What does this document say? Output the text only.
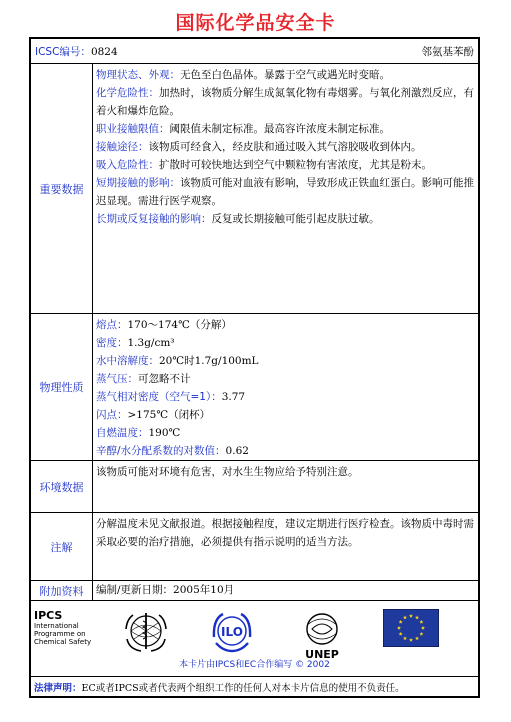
国际化学品安全卡
ICSC编号：0824	邻氨基苯酚
重要数据
物理状态、外观：无色至白色晶体。暴露于空气或遇光时变暗。
化学危险性：加热时，该物质分解生成氮氧化物有毒烟雾。与氧化剂激烈反应，有着火和爆炸危险。
职业接触限值：阈限值未制定标准。最高容许浓度未制定标准。
接触途径：该物质可经食入，经皮肤和通过吸入其气溶胶吸收到体内。
吸入危险性：扩散时可较快地达到空气中颗粒物有害浓度，尤其是粉末。
短期接触的影响：该物质可能对血液有影响，导致形成正铁血红蛋白。影响可能推迟显现。需进行医学观察。
长期或反复接触的影响：反复或长期接触可能引起皮肤过敏。
物理性质
熔点：170～174℃（分解）
密度：1.3g/cm³
水中溶解度：20℃时1.7g/100mL
蒸气压：可忽略不计
蒸气相对密度（空气=1）：3.77
闪点：>175℃（闭杯）
自燃温度：190℃
辛醇/水分配系数的对数值：0.62
环境数据
该物质可能对环境有危害，对水生生物应给予特别注意。
注解
分解温度未见文献报道。根据接触程度，建议定期进行医疗检查。该物质中毒时需采取必要的治疗措施，必须提供有指示说明的适当方法。
附加资料	编制/更新日期：2005年10月
IPCS
International
Programme on
Chemical Safety
ILO
UNEP
本卡片由IPCS和EC合作编写 © 2002
法律声明： EC或者IPCS或者代表两个组织工作的任何人对本卡片信息的使用不负责任。
